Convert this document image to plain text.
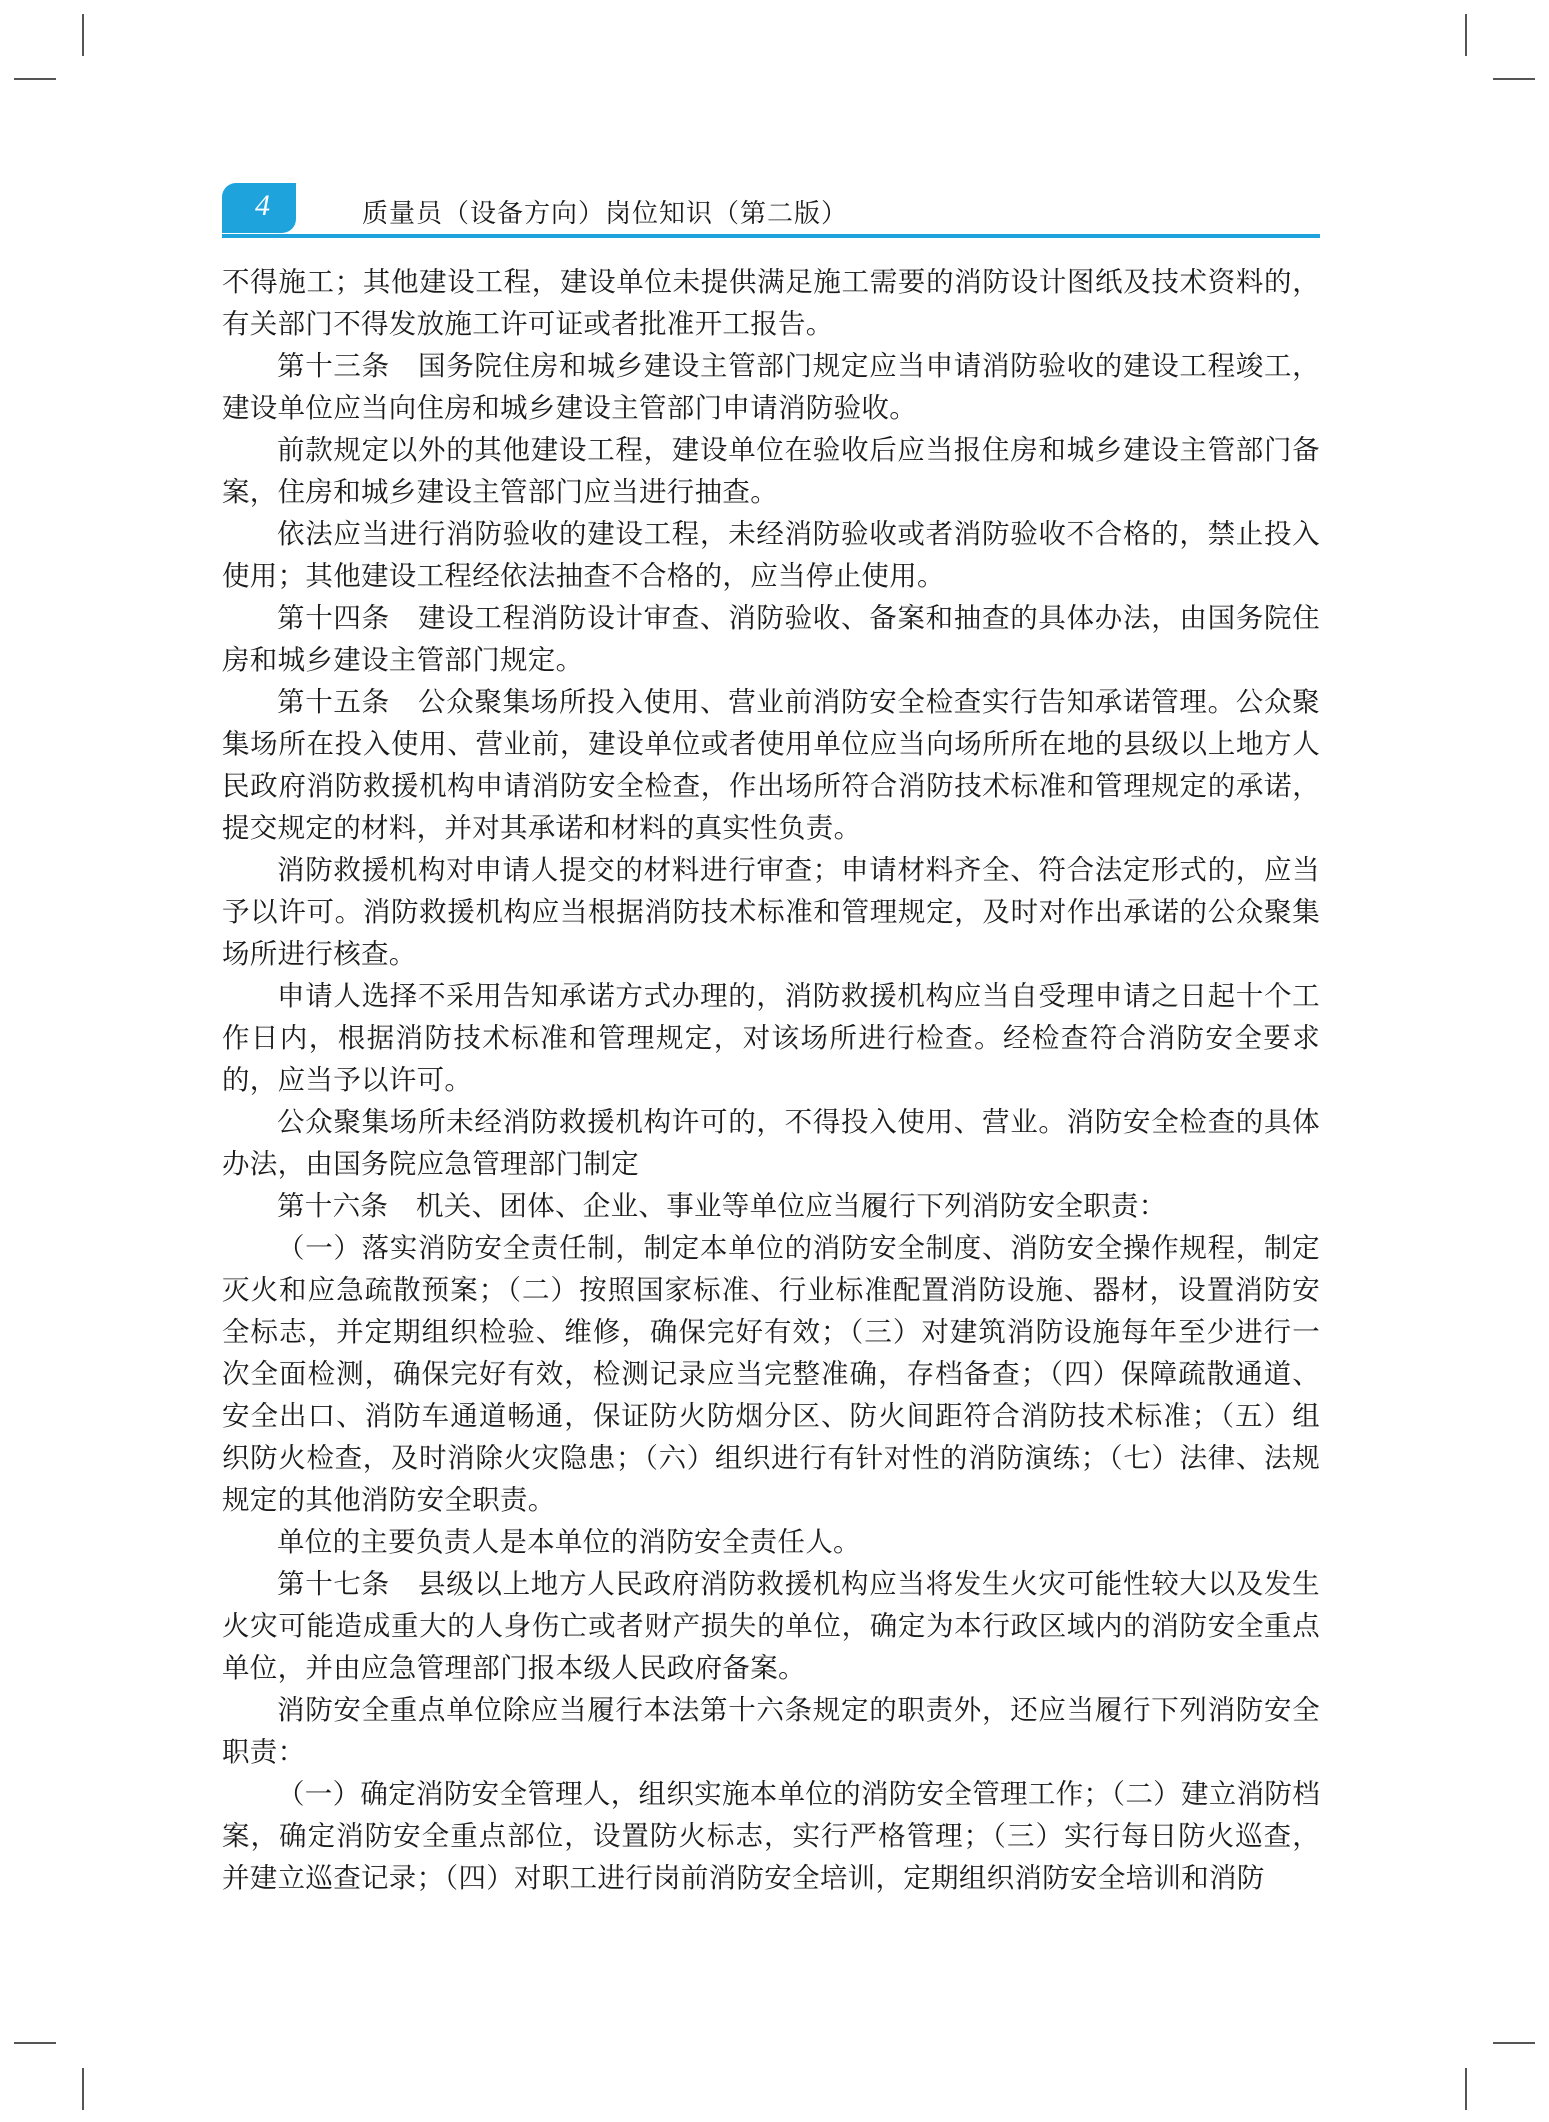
4	质量员（设备方向）岗位知识（第二版）

不得施工；其他建设工程，建设单位未提供满足施工需要的消防设计图纸及技术资料的，有关部门不得发放施工许可证或者批准开工报告。

第十三条　国务院住房和城乡建设主管部门规定应当申请消防验收的建设工程竣工，建设单位应当向住房和城乡建设主管部门申请消防验收。

前款规定以外的其他建设工程，建设单位在验收后应当报住房和城乡建设主管部门备案，住房和城乡建设主管部门应当进行抽查。

依法应当进行消防验收的建设工程，未经消防验收或者消防验收不合格的，禁止投入使用；其他建设工程经依法抽查不合格的，应当停止使用。

第十四条　建设工程消防设计审查、消防验收、备案和抽查的具体办法，由国务院住房和城乡建设主管部门规定。

第十五条　公众聚集场所投入使用、营业前消防安全检查实行告知承诺管理。公众聚集场所在投入使用、营业前，建设单位或者使用单位应当向场所所在地的县级以上地方人民政府消防救援机构申请消防安全检查，作出场所符合消防技术标准和管理规定的承诺，提交规定的材料，并对其承诺和材料的真实性负责。

消防救援机构对申请人提交的材料进行审查；申请材料齐全、符合法定形式的，应当予以许可。消防救援机构应当根据消防技术标准和管理规定，及时对作出承诺的公众聚集场所进行核查。

申请人选择不采用告知承诺方式办理的，消防救援机构应当自受理申请之日起十个工作日内，根据消防技术标准和管理规定，对该场所进行检查。经检查符合消防安全要求的，应当予以许可。

公众聚集场所未经消防救援机构许可的，不得投入使用、营业。消防安全检查的具体办法，由国务院应急管理部门制定

第十六条　机关、团体、企业、事业等单位应当履行下列消防安全职责：

（一）落实消防安全责任制，制定本单位的消防安全制度、消防安全操作规程，制定灭火和应急疏散预案；（二）按照国家标准、行业标准配置消防设施、器材，设置消防安全标志，并定期组织检验、维修，确保完好有效；（三）对建筑消防设施每年至少进行一次全面检测，确保完好有效，检测记录应当完整准确，存档备查；（四）保障疏散通道、安全出口、消防车通道畅通，保证防火防烟分区、防火间距符合消防技术标准；（五）组织防火检查，及时消除火灾隐患；（六）组织进行有针对性的消防演练；（七）法律、法规规定的其他消防安全职责。

单位的主要负责人是本单位的消防安全责任人。

第十七条　县级以上地方人民政府消防救援机构应当将发生火灾可能性较大以及发生火灾可能造成重大的人身伤亡或者财产损失的单位，确定为本行政区域内的消防安全重点单位，并由应急管理部门报本级人民政府备案。

消防安全重点单位除应当履行本法第十六条规定的职责外，还应当履行下列消防安全职责：

（一）确定消防安全管理人，组织实施本单位的消防安全管理工作；（二）建立消防档案，确定消防安全重点部位，设置防火标志，实行严格管理；（三）实行每日防火巡查，并建立巡查记录；（四）对职工进行岗前消防安全培训，定期组织消防安全培训和消防
